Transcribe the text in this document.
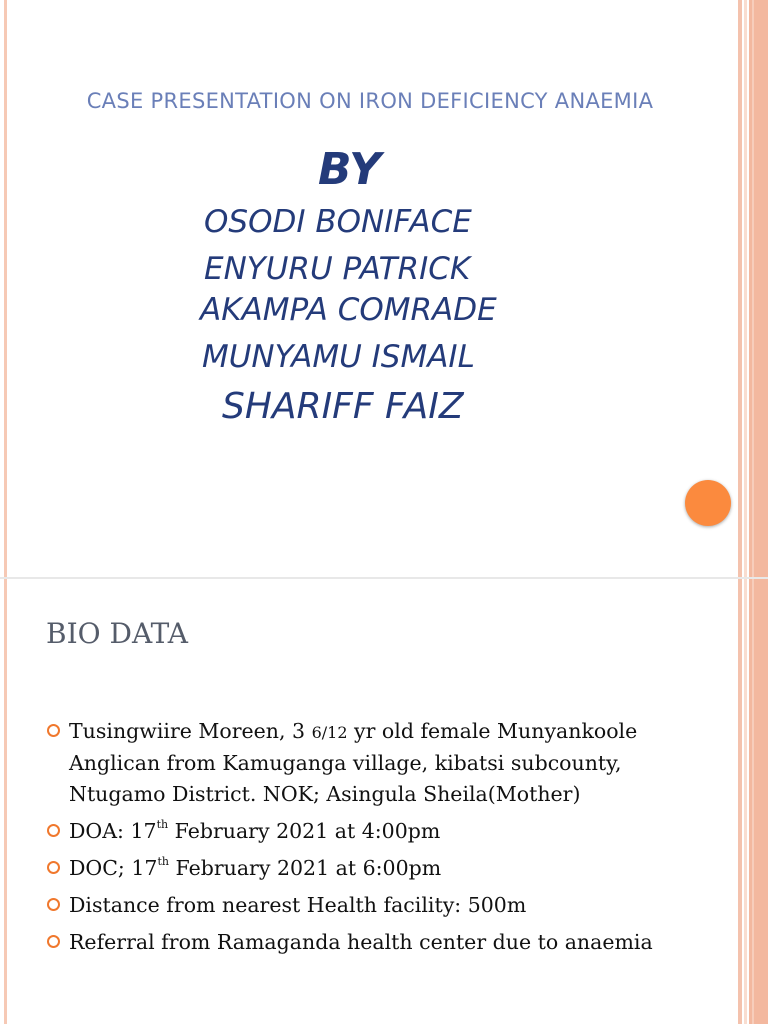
CASE PRESENTATION ON IRON DEFICIENCY ANAEMIA
BY
OSODI BONIFACE
ENYURU PATRICK
AKAMPA COMRADE
MUNYAMU ISMAIL
SHARIFF FAIZ
BIO DATA
Tusingwiire Moreen, 3 6/12 yr old female Munyankoole Anglican from Kamuganga village, kibatsi subcounty, Ntugamo District. NOK; Asingula Sheila(Mother)
DOA: 17th February 2021 at 4:00pm
DOC; 17th February 2021 at 6:00pm
Distance from nearest Health facility: 500m
Referral from Ramaganda health center due to anaemia
